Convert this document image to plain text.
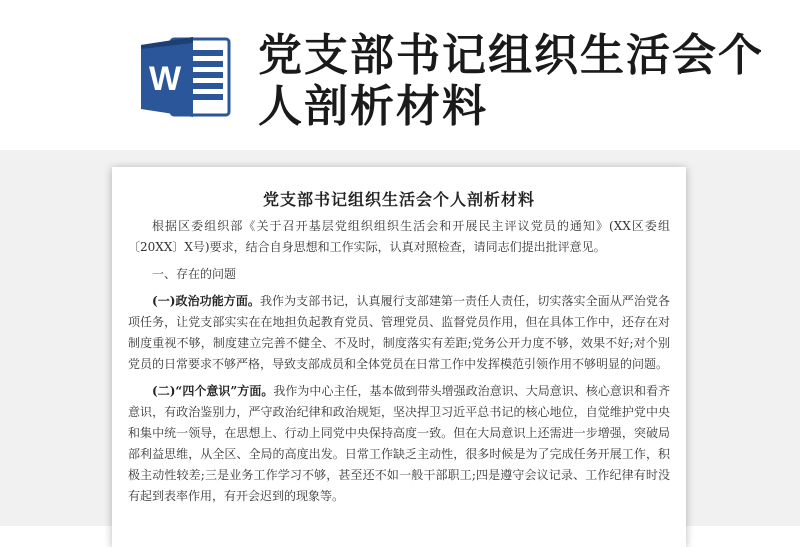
W 党支部书记组织生活会个人剖析材料
党支部书记组织生活会个人剖析材料

根据区委组织部《关于召开基层党组织组织生活会和开展民主评议党员的通知》(XX区委组〔20XX〕X号)要求，结合自身思想和工作实际，认真对照检查，请同志们提出批评意见。

一、存在的问题

(一)政治功能方面。我作为支部书记，认真履行支部建第一责任人责任，切实落实全面从严治党各项任务，让党支部实实在在地担负起教育党员、管理党员、监督党员作用，但在具体工作中，还存在对制度重视不够，制度建立完善不健全、不及时，制度落实有差距;党务公开力度不够，效果不好;对个别党员的日常要求不够严格，导致支部成员和全体党员在日常工作中发挥模范引领作用不够明显的问题。

(二)“四个意识”方面。我作为中心主任，基本做到带头增强政治意识、大局意识、核心意识和看齐意识，有政治鉴别力，严守政治纪律和政治规矩，坚决捍卫习近平总书记的核心地位，自觉维护党中央和集中统一领导，在思想上、行动上同党中央保持高度一致。但在大局意识上还需进一步增强，突破局部利益思维，从全区、全局的高度出发。日常工作缺乏主动性，很多时候是为了完成任务开展工作，积极主动性较差;三是业务工作学习不够，甚至还不如一般干部职工;四是遵守会议记录、工作纪律有时没有起到表率作用，有开会迟到的现象等。
